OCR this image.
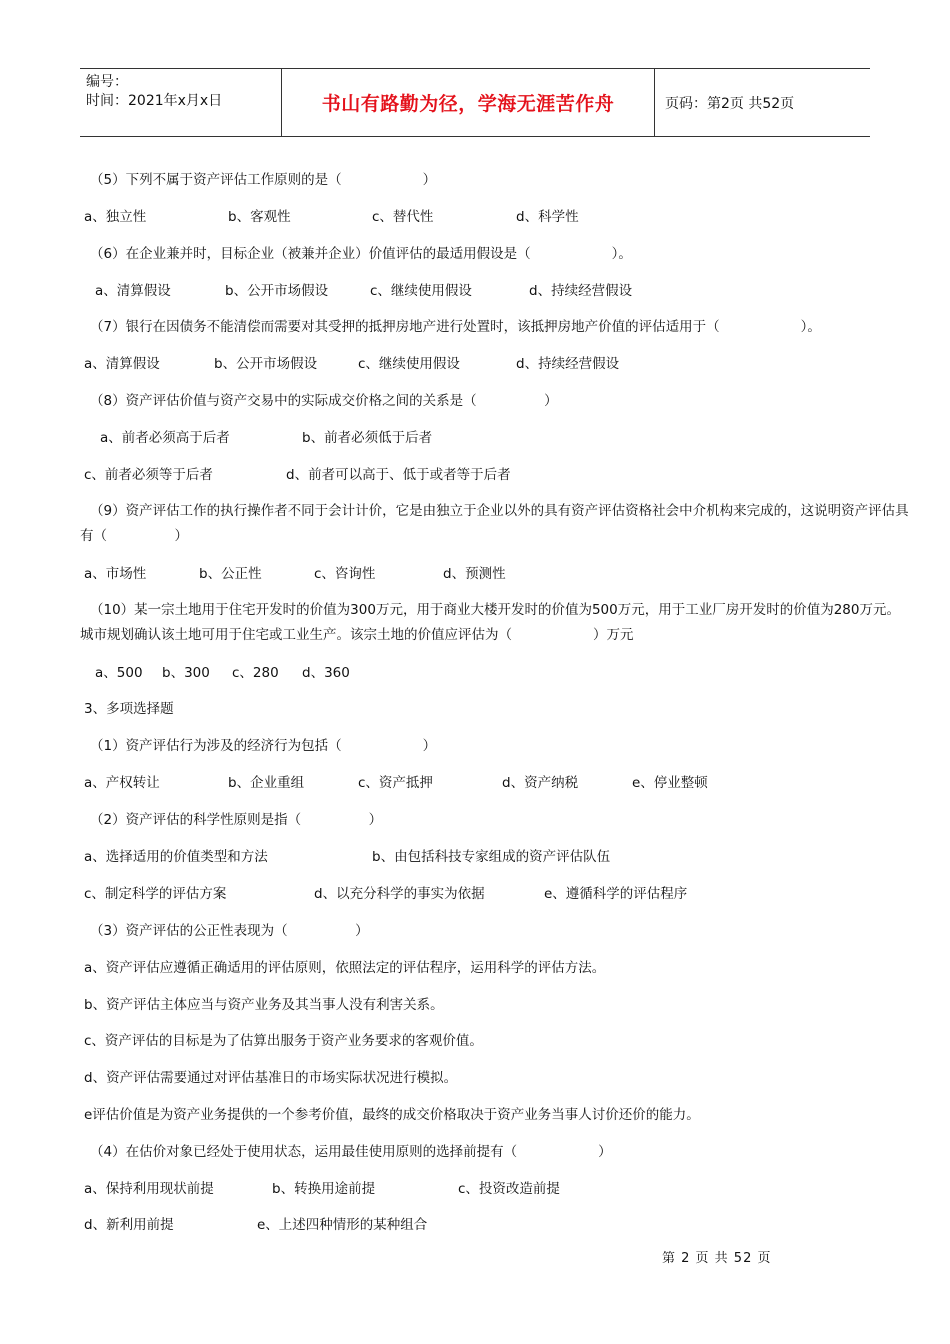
编号：
时间：2021年x月x日	书山有路勤为径，学海无涯苦作舟	页码：第2页 共52页
（5）下列不属于资产评估工作原则的是（　　　　　　）
a、独立性	b、客观性	c、替代性	d、科学性
（6）在企业兼并时，目标企业（被兼并企业）价值评估的最适用假设是（　　　　　　）。
a、清算假设	b、公开市场假设	c、继续使用假设	d、持续经营假设
（7）银行在因债务不能清偿而需要对其受押的抵押房地产进行处置时，该抵押房地产价值的评估适用于（　　　　　　）。
a、清算假设	b、公开市场假设	c、继续使用假设	d、持续经营假设
（8）资产评估价值与资产交易中的实际成交价格之间的关系是（　　　　　）
a、前者必须高于后者	b、前者必须低于后者
c、前者必须等于后者	d、前者可以高于、低于或者等于后者
（9）资产评估工作的执行操作者不同于会计计价，它是由独立于企业以外的具有资产评估资格社会中介机构来完成的，这说明资产评估具有（　　　　　）
a、市场性	b、公正性	c、咨询性	d、预测性
（10）某一宗土地用于住宅开发时的价值为300万元，用于商业大楼开发时的价值为500万元，用于工业厂房开发时的价值为280万元。城市规划确认该土地可用于住宅或工业生产。该宗土地的价值应评估为（　　　　　　）万元
a、500 b、300 c、280 d、360
3、多项选择题
（1）资产评估行为涉及的经济行为包括（　　　　　　）
a、产权转让	b、企业重组	c、资产抵押	d、资产纳税	e、停业整顿
（2）资产评估的科学性原则是指（　　　　　）
a、选择适用的价值类型和方法	b、由包括科技专家组成的资产评估队伍
c、制定科学的评估方案	d、以充分科学的事实为依据	e、遵循科学的评估程序
（3）资产评估的公正性表现为（　　　　　）
a、资产评估应遵循正确适用的评估原则，依照法定的评估程序，运用科学的评估方法。
b、资产评估主体应当与资产业务及其当事人没有利害关系。
c、资产评估的目标是为了估算出服务于资产业务要求的客观价值。
d、资产评估需要通过对评估基准日的市场实际状况进行模拟。
e评估价值是为资产业务提供的一个参考价值，最终的成交价格取决于资产业务当事人讨价还价的能力。
（4）在估价对象已经处于使用状态，运用最佳使用原则的选择前提有（　　　　　　）
a、保持利用现状前提	b、转换用途前提	c、投资改造前提
d、新利用前提	e、上述四种情形的某种组合
第 2 页 共 52 页
